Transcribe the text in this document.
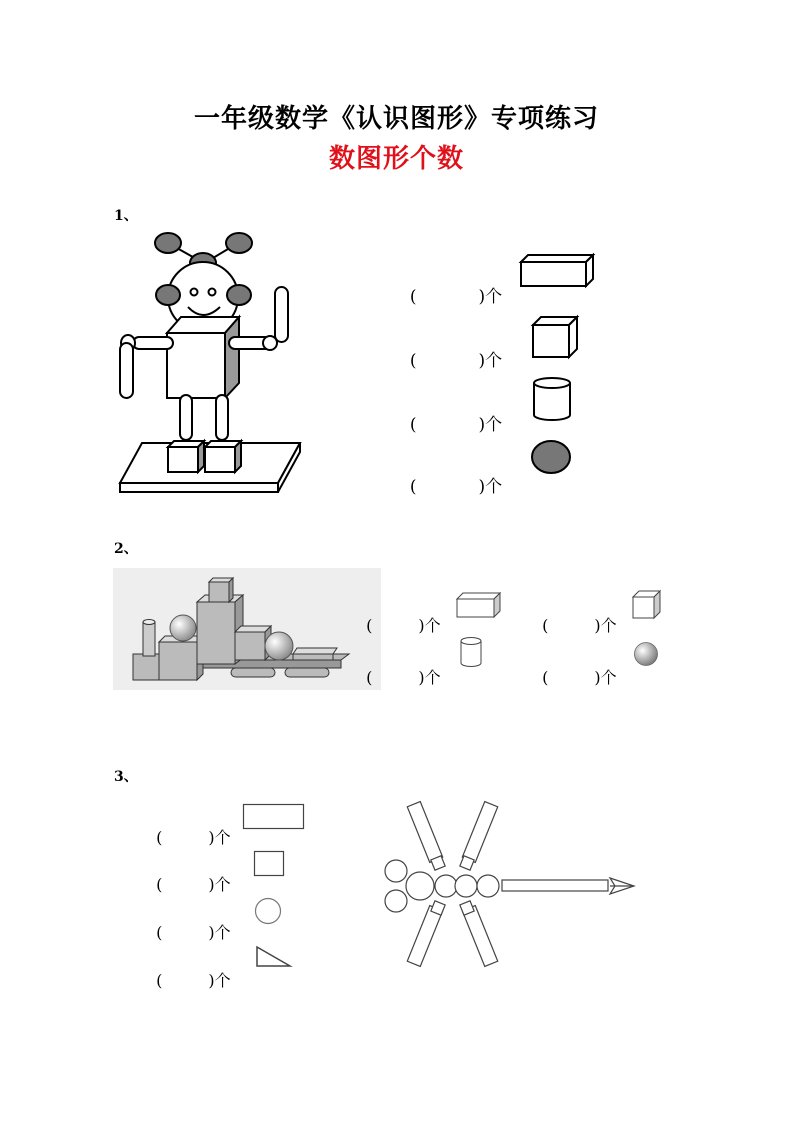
一年级数学《认识图形》专项练习
数图形个数
1、

(	)个

(	)个

(	)个

(	)个

2、

(	)个	(	)个

(	)个	(	)个

3、

(	)个

(	)个

(	)个

(	)个
